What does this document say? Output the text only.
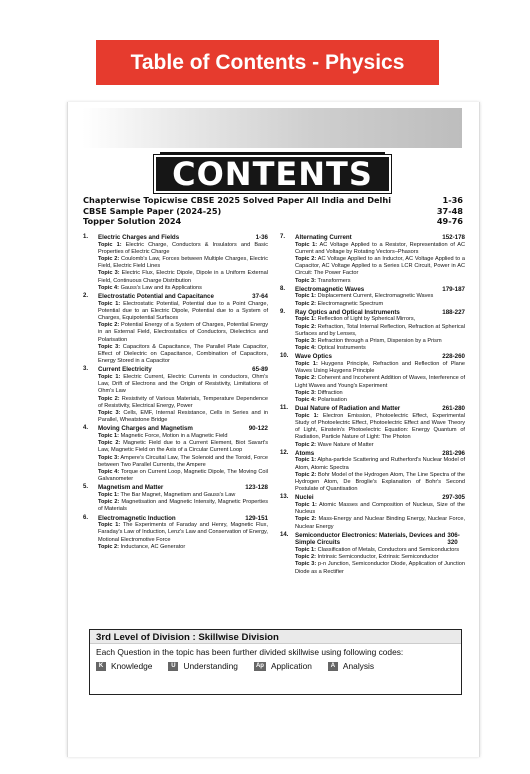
Table of Contents - Physics
CONTENTS
Chapterwise Topicwise CBSE 2025 Solved Paper All India and Delhi	1-36
CBSE Sample Paper (2024-25)	37-48
Topper Solution 2024	49-76
1.	Electric Charges and Fields	1-36
Topic 1: Electric Charge, Conductors & Insulators and Basic Properties of Electric Charge
Topic 2: Coulomb's Law, Forces between Multiple Charges, Electric Field, Electric Field Lines
Topic 3: Electric Flux, Electric Dipole, Dipole in a Uniform External Field, Continuous Charge Distribution
Topic 4: Gauss's Law and its Applications
2.	Electrostatic Potential and Capacitance	37-64
Topic 1: Electrostatic Potential, Potential due to a Point Charge, Potential due to an Electric Dipole, Potential due to a System of Charges, Equipotential Surfaces
Topic 2: Potential Energy of a System of Charges, Potential Energy in an External Field, Electrostatics of Conductors, Dielectrics and Polarisation
Topic 3: Capacitors & Capacitance, The Parallel Plate Capacitor, Effect of Dielectric on Capacitance, Combination of Capacitors, Energy Stored in a Capacitor
3.	Current Electricity	65-89
Topic 1: Electric Current, Electric Currents in conductors, Ohm's Law, Drift of Electrons and the Origin of Resistivity, Limitations of Ohm's Law
Topic 2: Resistivity of Various Materials, Temperature Dependence of Resistivity, Electrical Energy, Power
Topic 3: Cells, EMF, Internal Resistance, Cells in Series and in Parallel, Wheatstone Bridge
4.	Moving Charges and Magnetism	90-122
Topic 1: Magnetic Force, Motion in a Magnetic Field
Topic 2: Magnetic Field due to a Current Element, Biot Savart's Law, Magnetic Field on the Axis of a Circular Current Loop
Topic 3: Ampere's Circuital Law, The Solenoid and the Toroid, Force between Two Parallel Currents, the Ampere
Topic 4: Torque on Current Loop, Magnetic Dipole, The Moving Coil Galvanometer
5.	Magnetism and Matter	123-128
Topic 1: The Bar Magnet, Magnetism and Gauss's Law
Topic 2: Magnetisation and Magnetic Intensity, Magnetic Properties of Materials
6.	Electromagnetic Induction	129-151
Topic 1: The Experiments of Faraday and Henry, Magnetic Flux, Faraday's Law of Induction, Lenz's Law and Conservation of Energy, Motional Electromotive Force
Topic 2: Inductance, AC Generator
7.	Alternating Current	152-178
Topic 1: AC Voltage Applied to a Resistor, Representation of AC Current and Voltage by Rotating Vectors–Phasors
Topic 2: AC Voltage Applied to an Inductor, AC Voltage Applied to a Capacitor, AC Voltage Applied to a Series LCR Circuit, Power in AC Circuit: The Power Factor
Topic 3: Transformers
8.	Electromagnetic Waves	179-187
Topic 1: Displacement Current, Electromagnetic Waves
Topic 2: Electromagnetic Spectrum
9.	Ray Optics and Optical Instruments	188-227
Topic 1: Reflection of Light by Spherical Mirrors,
Topic 2: Refraction, Total Internal Reflection, Refraction at Spherical Surfaces and by Lenses,
Topic 3: Refraction through a Prism, Dispersion by a Prism
Topic 4: Optical Instruments
10.	Wave Optics	228-260
Topic 1: Huygens Principle, Refraction and Reflection of Plane Waves Using Huygens Principle
Topic 2: Coherent and Incoherent Addition of Waves, Interference of Light Waves and Young's Experiment
Topic 3: Diffraction
Topic 4: Polarisation
11.	Dual Nature of Radiation and Matter	261-280
Topic 1: Electron Emission, Photoelectric Effect, Experimental Study of Photoelectric Effect, Photoelectric Effect and Wave Theory of Light, Einstein's Photoelectric Equation: Energy Quantum of Radiation, Particle Nature of Light: The Photon
Topic 2: Wave Nature of Matter
12.	Atoms	281-296
Topic 1: Alpha-particle Scattering and Rutherford's Nuclear Model of Atom, Atomic Spectra
Topic 2: Bohr Model of the Hydrogen Atom, The Line Spectra of the Hydrogen Atom, De Broglie's Explanation of Bohr's Second Postulate of Quantisation
13.	Nuclei	297-305
Topic 1: Atomic Masses and Composition of Nucleus, Size of the Nucleus
Topic 2: Mass-Energy and Nuclear Binding Energy, Nuclear Force, Nuclear Energy
14.	Semiconductor Electronics: Materials, Devices and Simple Circuits
306-320
Topic 1: Classification of Metals, Conductors and Semiconductors
Topic 2: Intrinsic Semiconductor, Extrinsic Semiconductor
Topic 3: p-n Junction, Semiconductor Diode, Application of Junction Diode as a Rectifier
3rd Level of Division : Skillwise Division
Each Question in the topic has been further divided skillwise using following codes:
K Knowledge	U Understanding	Ap Application	A Analysis
